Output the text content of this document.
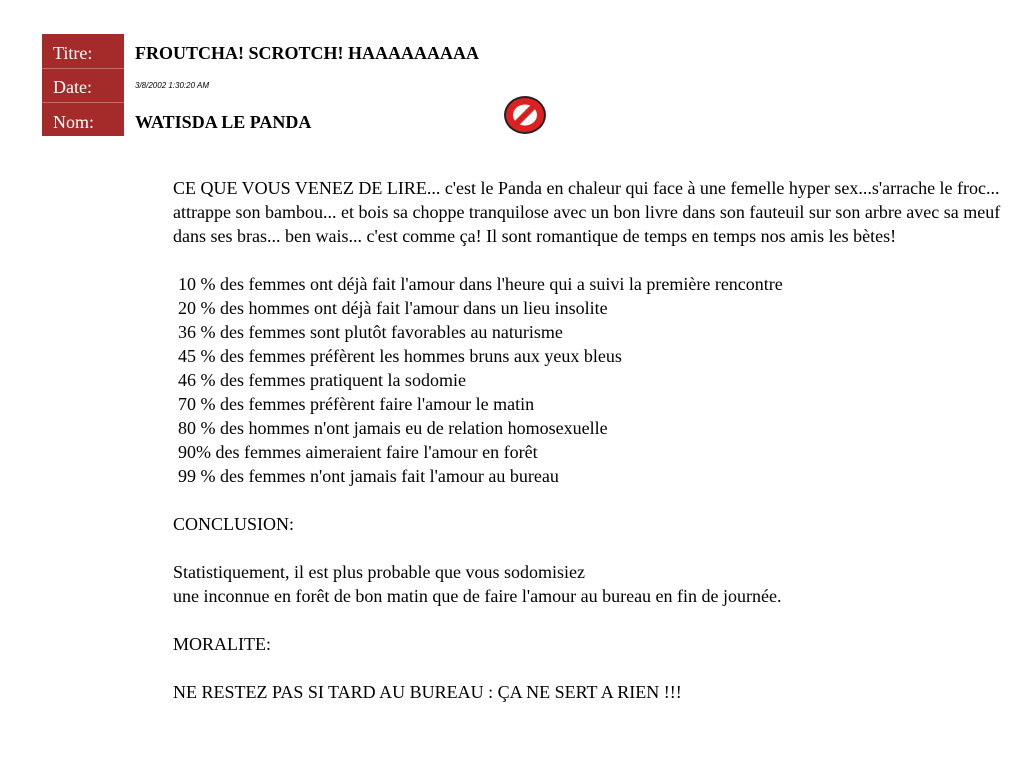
Titre:
Date:
Nom:
FROUTCHA! SCROTCH! HAAAAAAAAA
3/8/2002 1:30:20 AM
WATISDA LE PANDA

CE QUE VOUS VENEZ DE LIRE... c'est le Panda en chaleur qui face à une femelle hyper sex...s'arrache le froc... attrappe son bambou... et bois sa choppe tranquilose avec un bon livre dans son fauteuil sur son arbre avec sa meuf dans ses bras... ben wais... c'est comme ça! Il sont romantique de temps en temps nos amis les bètes!

10 % des femmes ont déjà fait l'amour dans l'heure qui a suivi la première rencontre

20 % des hommes ont déjà fait l'amour dans un lieu insolite

36 % des femmes sont plutôt favorables au naturisme

45 % des femmes préfèrent les hommes bruns aux yeux bleus

46 % des femmes pratiquent la sodomie

70 % des femmes préfèrent faire l'amour le matin

80 % des hommes n'ont jamais eu de relation homosexuelle

90% des femmes aimeraient faire l'amour en forêt

99 % des femmes n'ont jamais fait l'amour au bureau

CONCLUSION:

Statistiquement, il est plus probable que vous sodomisiez

une inconnue en forêt de bon matin que de faire l'amour au bureau en fin de journée.

MORALITE:

NE RESTEZ PAS SI TARD AU BUREAU : ÇA NE SERT A RIEN !!!
